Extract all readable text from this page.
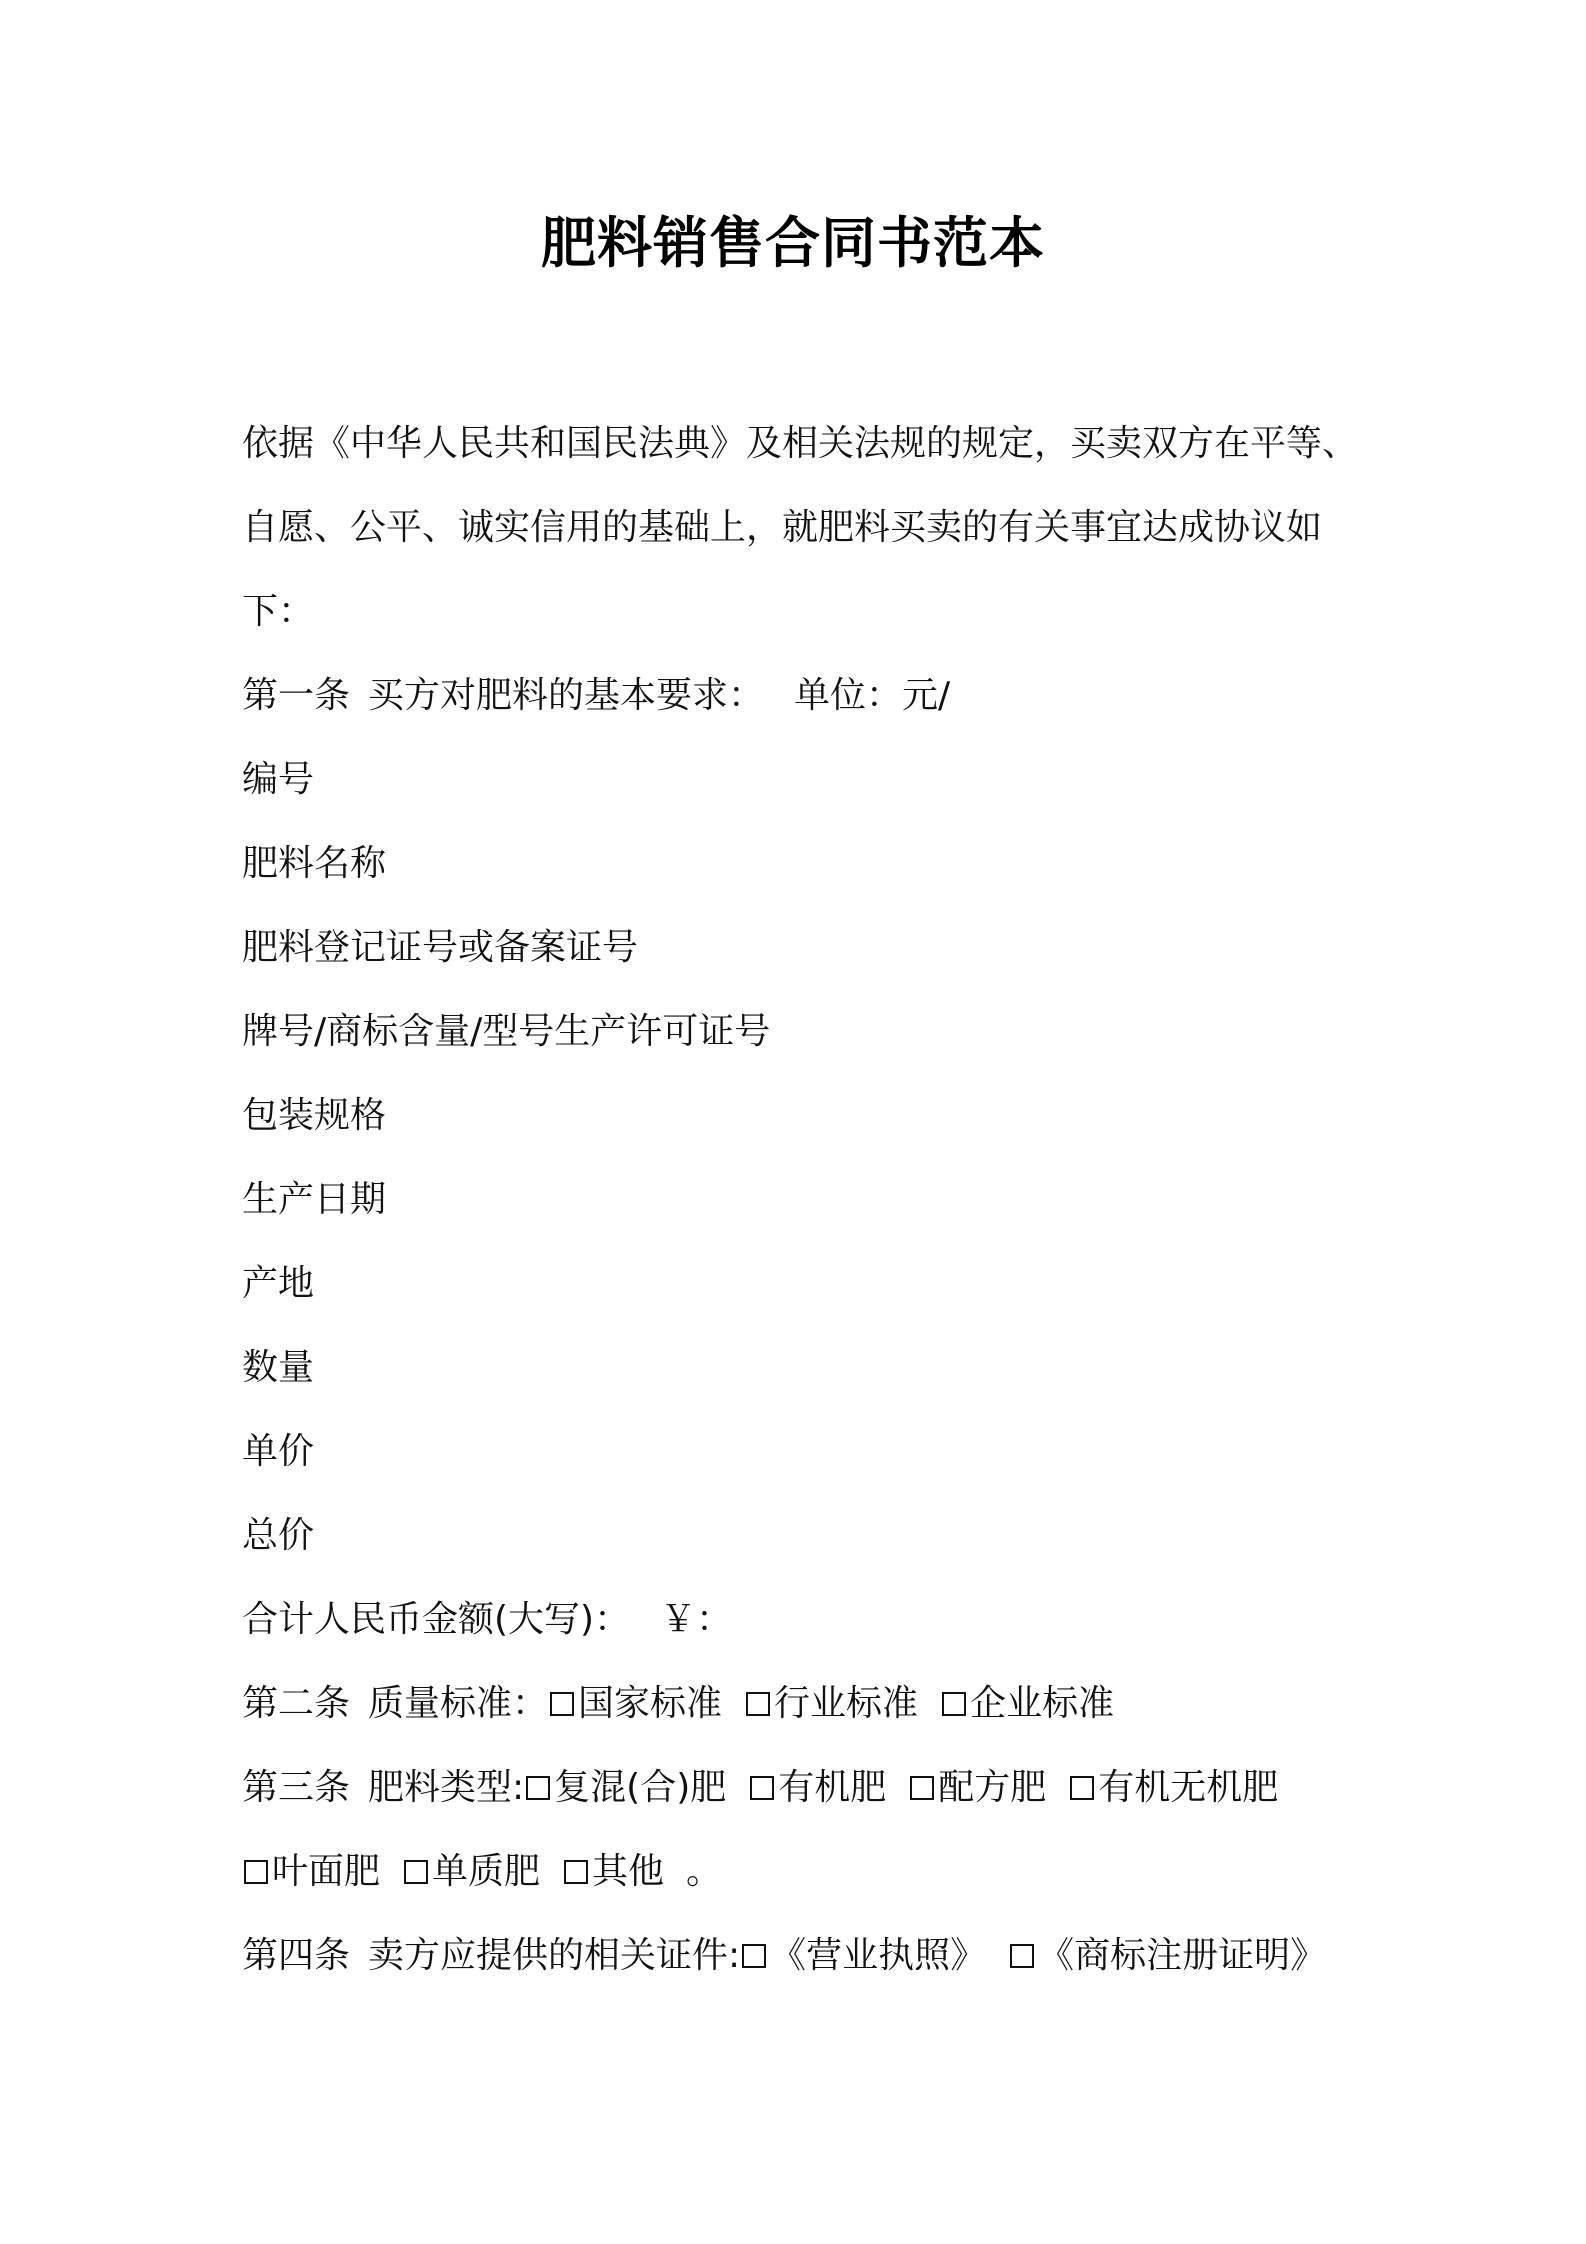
肥料销售合同书范本
依据《中华人民共和国民法典》及相关法规的规定，买卖双方在平等、
自愿、公平、诚实信用的基础上，就肥料买卖的有关事宜达成协议如
下：
第一条 买方对肥料的基本要求： 单位：元/
编号
肥料名称
肥料登记证号或备案证号
牌号/商标含量/型号生产许可证号
包装规格
生产日期
产地
数量
单价
总价
合计人民币金额(大写)： ￥：
第二条 质量标准： 国家标准 行业标准 企业标准
第三条 肥料类型: 复混(合)肥 有机肥 配方肥 有机无机肥
叶面肥 单质肥 其他 。
第四条 卖方应提供的相关证件: 《营业执照》 《商标注册证明》
